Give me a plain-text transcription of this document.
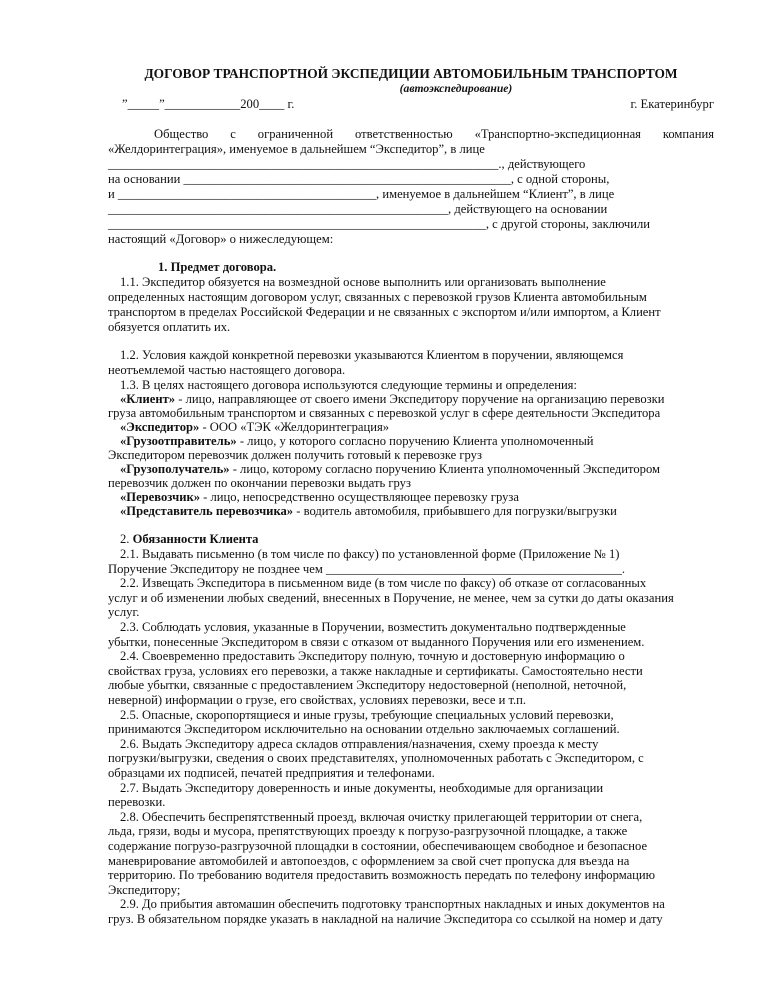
ДОГОВОР ТРАНСПОРТНОЙ ЭКСПЕДИЦИИ АВТОМОБИЛЬНЫМ ТРАНСПОРТОМ
(автоэкспедирование)
”_____”____________200____ г.	г. Екатеринбург
Общество с ограниченной ответственностью «Транспортно-экспедиционная компания
«Желдоринтеграция», именуемое в дальнейшем “Экспедитор”, в лице
______________________________________________________________., действующего
на основании ____________________________________________________, с одной стороны,
и _________________________________________, именуемое в дальнейшем “Клиент”, в лице
______________________________________________________, действующего на основании
____________________________________________________________, с другой стороны, заключили
настоящий «Договор» о нижеследующем:
1. Предмет договора.
1.1. Экспедитор обязуется на возмездной основе выполнить или организовать выполнение
определенных настоящим договором услуг, связанных с перевозкой грузов Клиента автомобильным
транспортом в пределах Российской Федерации и не связанных с экспортом и/или импортом, а Клиент
обязуется оплатить их.
1.2. Условия каждой конкретной перевозки указываются Клиентом в поручении, являющемся
неотъемлемой частью настоящего договора.
1.3. В целях настоящего договора используются следующие термины и определения:
«Клиент» - лицо, направляющее от своего имени Экспедитору поручение на организацию перевозки
груза автомобильным транспортом и связанных с перевозкой услуг в сфере деятельности Экспедитора
«Экспедитор» - ООО «ТЭК «Желдоринтеграция»
«Грузоотправитель» - лицо, у которого согласно поручению Клиента уполномоченный
Экспедитором перевозчик должен получить готовый к перевозке груз
«Грузополучатель» - лицо, которому согласно поручению Клиента уполномоченный Экспедитором
перевозчик должен по окончании перевозки выдать груз
«Перевозчик» - лицо, непосредственно осуществляющее перевозку груза
«Представитель перевозчика» - водитель автомобиля, прибывшего для погрузки/выгрузки
2. Обязанности Клиента
2.1. Выдавать письменно (в том числе по факсу) по установленной форме (Приложение № 1)
Поручение Экспедитору не позднее чем _______________________________________________.
2.2. Извещать Экспедитора в письменном виде (в том числе по факсу) об отказе от согласованных
услуг и об изменении любых сведений, внесенных в Поручение, не менее, чем за сутки до даты оказания
услуг.
2.3. Соблюдать условия, указанные в Поручении, возместить документально подтвержденные
убытки, понесенные Экспедитором в связи с отказом от выданного Поручения или его изменением.
2.4. Своевременно предоставить Экспедитору полную, точную и достоверную информацию о
свойствах груза, условиях его перевозки, а также накладные и сертификаты. Самостоятельно нести
любые убытки, связанные с предоставлением Экспедитору недостоверной (неполной, неточной,
неверной) информации о грузе, его свойствах, условиях перевозки, весе и т.п.
2.5. Опасные, скоропортящиеся и иные грузы, требующие специальных условий перевозки,
принимаются Экспедитором исключительно на основании отдельно заключаемых соглашений.
2.6. Выдать Экспедитору адреса складов отправления/назначения, схему проезда к месту
погрузки/выгрузки, сведения о своих представителях, уполномоченных работать с Экспедитором, с
образцами их подписей, печатей предприятия и телефонами.
2.7. Выдать Экспедитору доверенность и иные документы, необходимые для организации
перевозки.
2.8. Обеспечить беспрепятственный проезд, включая очистку прилегающей территории от снега,
льда, грязи, воды и мусора, препятствующих проезду к погрузо-разгрузочной площадке, а также
содержание погрузо-разгрузочной площадки в состоянии, обеспечивающем свободное и безопасное
маневрирование автомобилей и автопоездов, с оформлением за свой счет пропуска для въезда на
территорию. По требованию водителя предоставить возможность передать по телефону информацию
Экспедитору;
2.9. До прибытия автомашин обеспечить подготовку транспортных накладных и иных документов на
груз. В обязательном порядке указать в накладной на наличие Экспедитора со ссылкой на номер и дату
